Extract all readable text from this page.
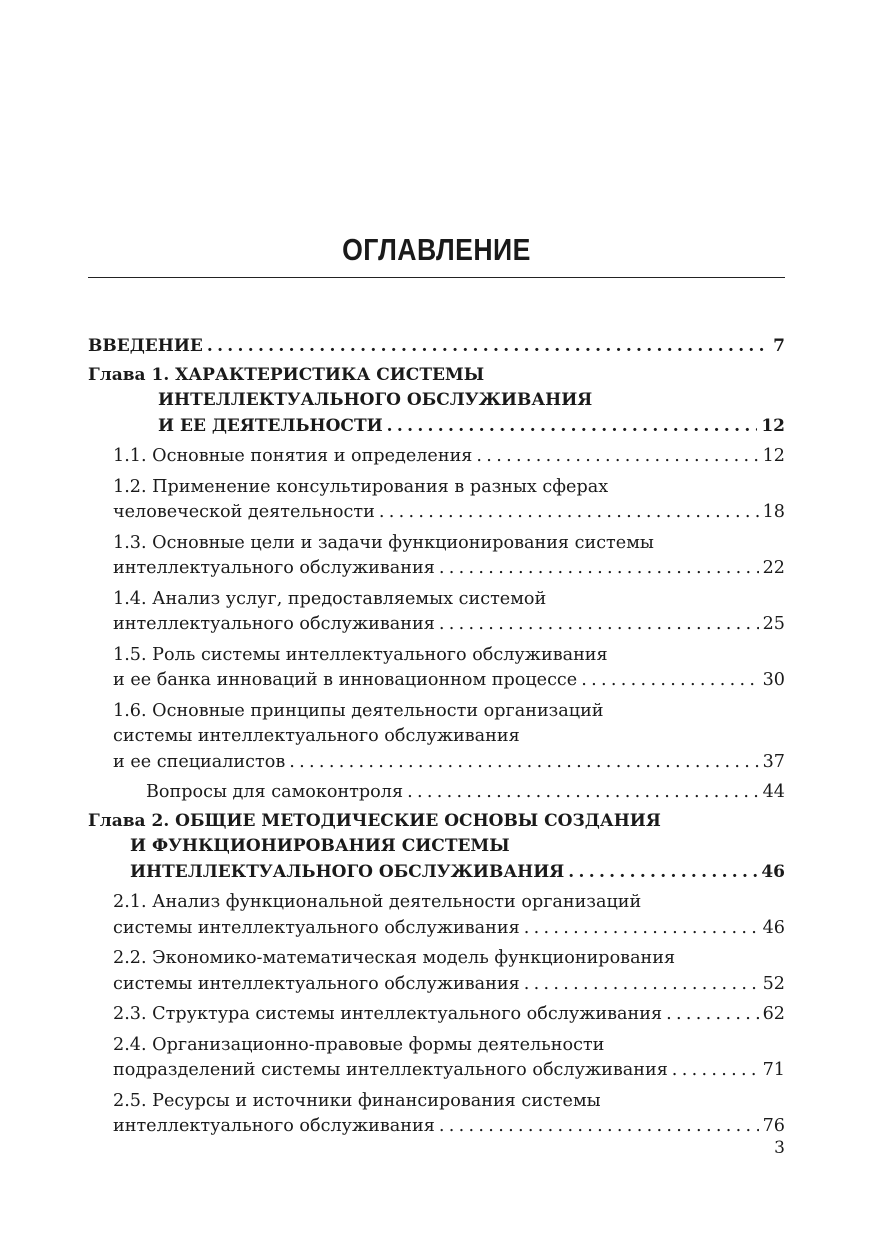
ОГЛАВЛЕНИЕ
ВВЕДЕНИЕ .....	7
Глава 1. ХАРАКТЕРИСТИКА СИСТЕМЫ
ИНТЕЛЛЕКТУАЛЬНОГО ОБСЛУЖИВАНИЯ
И ЕЕ ДЕЯТЕЛЬНОСТИ .....	12
1.1. Основные понятия и определения .....	12
1.2. Применение консультирования в разных сферах
человеческой деятельности .....	18
1.3. Основные цели и задачи функционирования системы
интеллектуального обслуживания .....	22
1.4. Анализ услуг, предоставляемых системой
интеллектуального обслуживания .....	25
1.5. Роль системы интеллектуального обслуживания
и ее банка инноваций в инновационном процессе .....	30
1.6. Основные принципы деятельности организаций
системы интеллектуального обслуживания
и ее специалистов .....	37
Вопросы для самоконтроля .....	44
Глава 2. ОБЩИЕ МЕТОДИЧЕСКИЕ ОСНОВЫ СОЗДАНИЯ
И ФУНКЦИОНИРОВАНИЯ СИСТЕМЫ
ИНТЕЛЛЕКТУАЛЬНОГО ОБСЛУЖИВАНИЯ .....	46
2.1. Анализ функциональной деятельности организаций
системы интеллектуального обслуживания .....	46
2.2. Экономико-математическая модель функционирования
системы интеллектуального обслуживания .....	52
2.3. Структура системы интеллектуального обслуживания .....	62
2.4. Организационно-правовые формы деятельности
подразделений системы интеллектуального обслуживания .....	71
2.5. Ресурсы и источники финансирования системы
интеллектуального обслуживания .....	76
3
